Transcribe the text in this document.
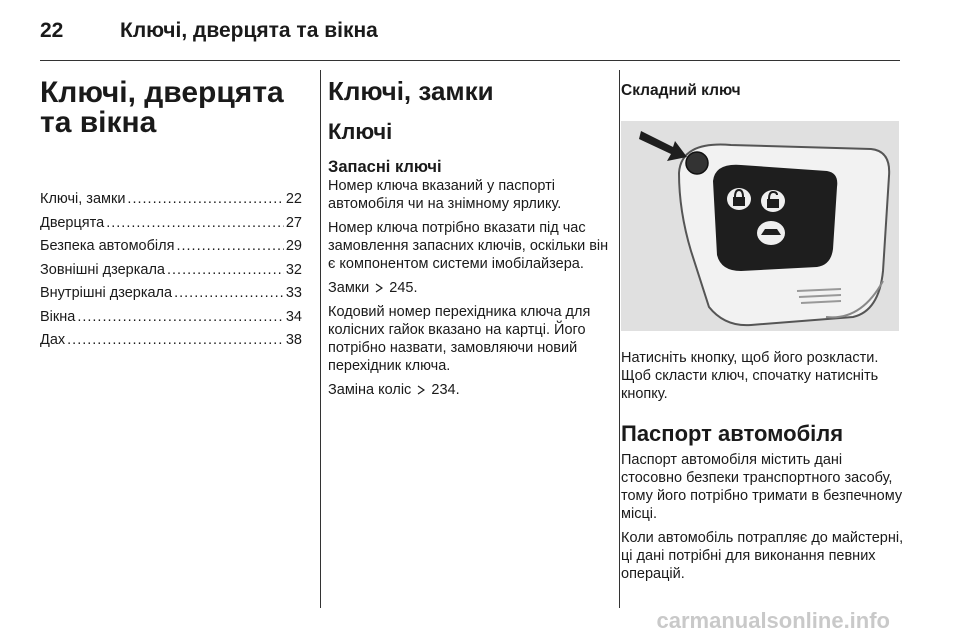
22	Ключі, дверцята та вікна
Ключі, дверцята та вікна
Ключі, замки .....	22
Дверцята .....	27
Безпека автомобіля .....	29
Зовнішні дзеркала .....	32
Внутрішні дзеркала .....	33
Вікна .....	34
Дах .....	38
Ключі, замки
Ключі
Запасні ключі

Номер ключа вказаний у паспорті автомобіля чи на знімному ярлику.

Номер ключа потрібно вказати під час замовлення запасних ключів, оскільки він є компонентом системи імобілайзера.

Замки 245.

Кодовий номер перехідника ключа для колісних гайок вказано на картці. Його потрібно назвати, замовляючи новий перехідник ключа.

Заміна коліс 234.

Складний ключ

Натисніть кнопку, щоб його розкласти. Щоб скласти ключ, спочатку натисніть кнопку.

Паспорт автомобіля

Паспорт автомобіля містить дані стосовно безпеки транспортного засобу, тому його потрібно тримати в безпечному місці.

Коли автомобіль потрапляє до майстерні, ці дані потрібні для виконання певних операцій.

carmanualsonline.info
